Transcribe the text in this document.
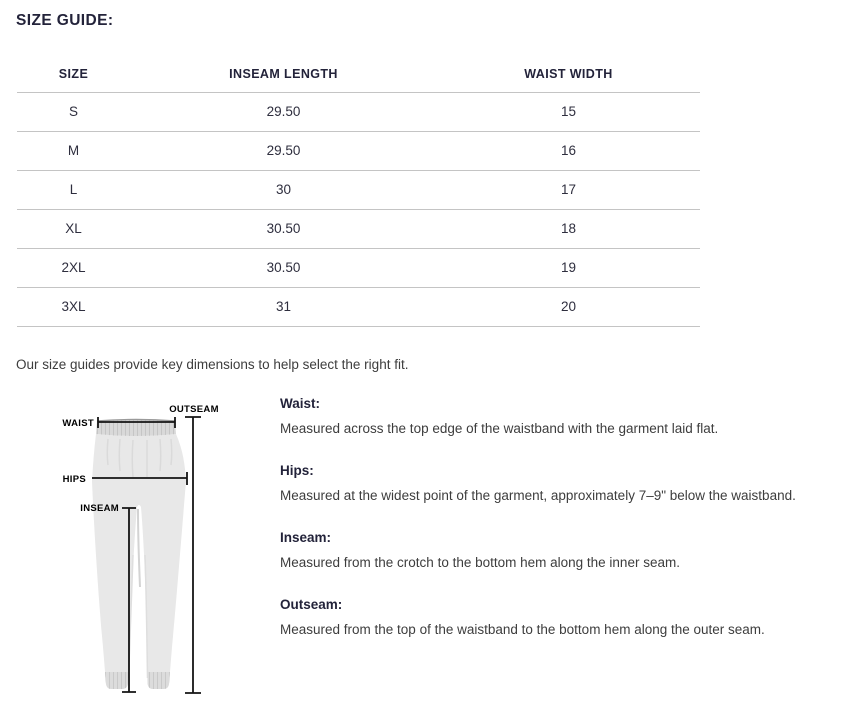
SIZE GUIDE:
SIZE	INSEAM LENGTH	WAIST WIDTH
S	29.50	15
M	29.50	16
L	30	17
XL	30.50	18
2XL	30.50	19
3XL	31	20
Our size guides provide key dimensions to help select the right fit.
OUTSEAM
WAIST
HIPS
INSEAM
Waist:
Measured across the top edge of the waistband with the garment laid flat.
Hips:
Measured at the widest point of the garment, approximately 7–9" below the waistband.
Inseam:
Measured from the crotch to the bottom hem along the inner seam.
Outseam:
Measured from the top of the waistband to the bottom hem along the outer seam.
